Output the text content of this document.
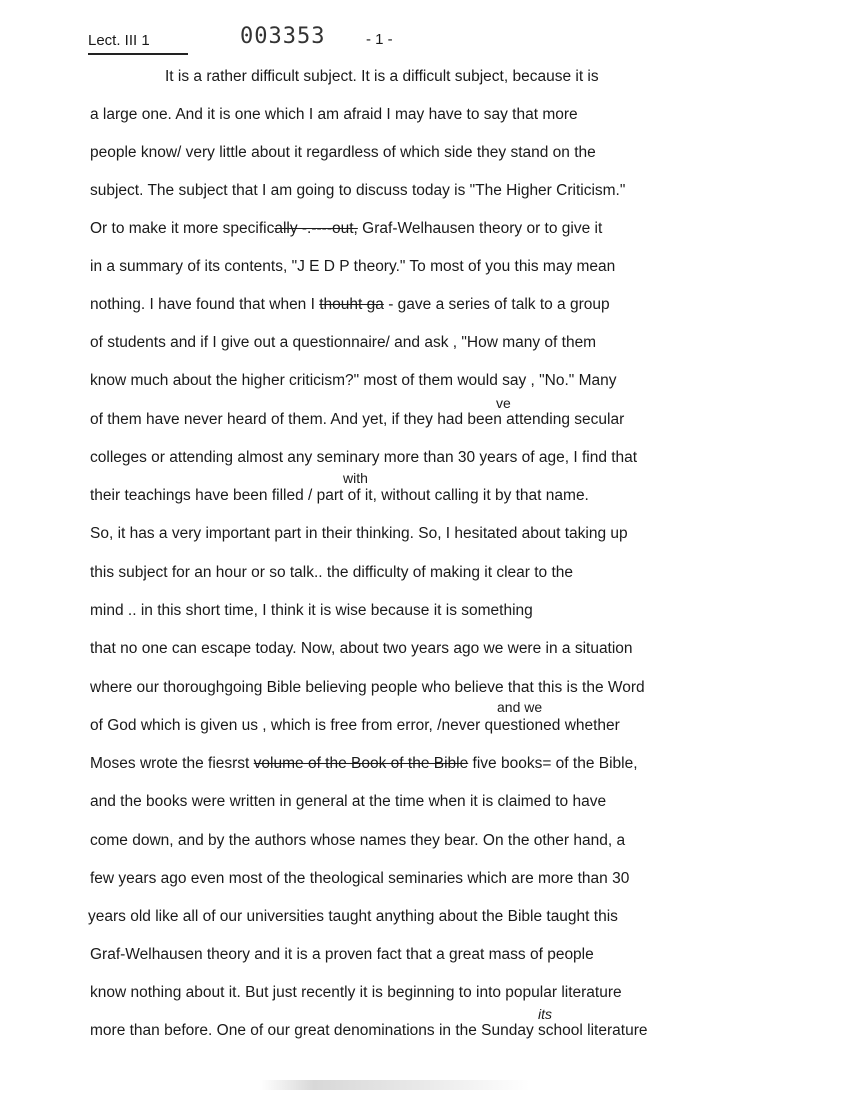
Lect. III 1	003353	- 1 -
It is a rather difficult subject. It is a difficult subject, because it is
a large one. And it is one which I am afraid I may have to say that more
people know/ very little about it regardless of which side they stand on the
subject. The subject that I am going to discuss today is "The Higher Criticism."
Or to make it more specifically -.----out, Graf-Welhausen theory or to give it
in a summary of its contents, "J E D P theory." To most of you this may mean
nothing. I have found that when I thouht ga - gave a series of talk to a group
of students and if I give out a questionnaire/ and ask , "How many of them
know much about the higher criticism?" most of them would say , "No." Many
ve
of them have never heard of them. And yet, if they had been attending secular
colleges or attending almost any seminary more than 30 years of age, I find that
with
their teachings have been filled / part of it, without calling it by that name.
So, it has a very important part in their thinking. So, I hesitated about taking up
this subject for an hour or so talk.. the difficulty of making it clear to the
mind .. in this short time, I think it is wise because it is something
that no one can escape today. Now, about two years ago we were in a situation
where our thoroughgoing Bible believing people who believe that this is the Word
and we
of God which is given us , which is free from error, /never questioned whether
Moses wrote the fiesrst volume of the Book of the Bible five books= of the Bible,
and the books were written in general at the time when it is claimed to have
come down, and by the authors whose names they bear. On the other hand, a
few years ago even most of the theological seminaries which are more than 30
years old like all of our universities taught anything about the Bible taught this
Graf-Welhausen theory and it is a proven fact that a great mass of people
know nothing about it. But just recently it is beginning to into popular literature
its
more than before. One of our great denominations in the Sunday school literature
